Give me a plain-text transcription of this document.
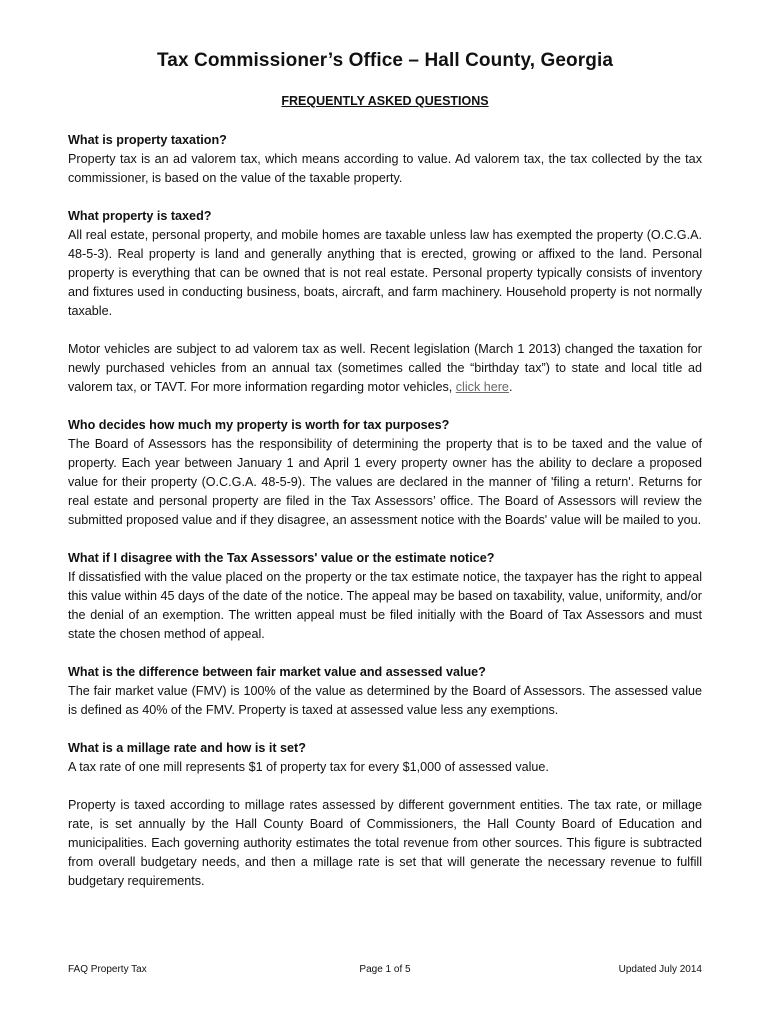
Tax Commissioner’s Office – Hall County, Georgia
FREQUENTLY ASKED QUESTIONS

What is property taxation?

Property tax is an ad valorem tax, which means according to value. Ad valorem tax, the tax collected by the tax commissioner, is based on the value of the taxable property.

What property is taxed?

All real estate, personal property, and mobile homes are taxable unless law has exempted the property (O.C.G.A. 48-5-3). Real property is land and generally anything that is erected, growing or affixed to the land. Personal property is everything that can be owned that is not real estate. Personal property typically consists of inventory and fixtures used in conducting business, boats, aircraft, and farm machinery. Household property is not normally taxable.

Motor vehicles are subject to ad valorem tax as well. Recent legislation (March 1 2013) changed the taxation for newly purchased vehicles from an annual tax (sometimes called the “birthday tax”) to state and local title ad valorem tax, or TAVT. For more information regarding motor vehicles, click here.

Who decides how much my property is worth for tax purposes?

The Board of Assessors has the responsibility of determining the property that is to be taxed and the value of property. Each year between January 1 and April 1 every property owner has the ability to declare a proposed value for their property (O.C.G.A. 48-5-9). The values are declared in the manner of 'filing a return'. Returns for real estate and personal property are filed in the Tax Assessors’ office. The Board of Assessors will review the submitted proposed value and if they disagree, an assessment notice with the Boards' value will be mailed to you.

What if I disagree with the Tax Assessors' value or the estimate notice?

If dissatisfied with the value placed on the property or the tax estimate notice, the taxpayer has the right to appeal this value within 45 days of the date of the notice. The appeal may be based on taxability, value, uniformity, and/or the denial of an exemption. The written appeal must be filed initially with the Board of Tax Assessors and must state the chosen method of appeal.

What is the difference between fair market value and assessed value?

The fair market value (FMV) is 100% of the value as determined by the Board of Assessors. The assessed value is defined as 40% of the FMV. Property is taxed at assessed value less any exemptions.

What is a millage rate and how is it set?

A tax rate of one mill represents $1 of property tax for every $1,000 of assessed value.

Property is taxed according to millage rates assessed by different government entities. The tax rate, or millage rate, is set annually by the Hall County Board of Commissioners, the Hall County Board of Education and municipalities. Each governing authority estimates the total revenue from other sources. This figure is subtracted from overall budgetary needs, and then a millage rate is set that will generate the necessary revenue to fulfill budgetary requirements.

FAQ Property Tax	Page 1 of 5	Updated July 2014
